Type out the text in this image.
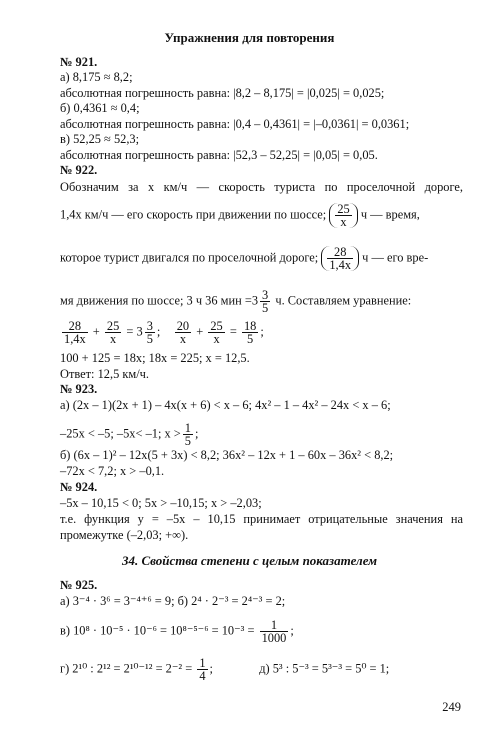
Упражнения для повторения
№ 921.
а) 8,175 ≈ 8,2;
абсолютная погрешность равна: |8,2 – 8,175| = |0,025| = 0,025;
б) 0,4361 ≈ 0,4;
абсолютная погрешность равна: |0,4 – 0,4361| = |–0,0361| = 0,0361;
в) 52,25 ≈ 52,3;
абсолютная погрешность равна: |52,3 – 52,25| = |0,05| = 0,05.
№ 922.
Обозначим за x км/ч — скорость туриста по проселочной дороге,
1,4x км/ч — его скорость при движении по шоссе; $\frac{25}{x}$ ч — время,
которое турист двигался по проселочной дороге; $\frac{28}{1,4x}$ ч — его вре-
мя движения по шоссе; 3 ч 36 мин $=3 \frac{3}{5} ч$. Составляем уравнение:
$\frac{28}{1,4x} + \frac{25}{x} = 3 \frac{3}{5}$ ; $\frac{20}{x} + \frac{25}{x} = \frac{18}{5}$ ;
100 + 125 = 18x; 18x = 225; x = 12,5.
Ответ: 12,5 км/ч.
№ 923.
а) (2x – 1)(2x + 1) – 4x(x + 6) < x – 6; 4x² – 1 – 4x² – 24x < x – 6;
–25x < –5; –5x< –1; $x > \frac{1}{5}$ ;
б) (6x – 1)² – 12x(5 + 3x) < 8,2; 36x² – 12x + 1 – 60x – 36x² < 8,2;
–72x < 7,2; x > –0,1.
№ 924.
–5x – 10,15 < 0; 5x > –10,15; x > –2,03;
т.е. функция y = –5x – 10,15 принимает отрицательные значения на
промежутке (–2,03; +∞).
34. Свойства степени с целым показателем
№ 925.
а) 3⁻⁴ · 3⁶ = 3⁻⁴⁺⁶ = 9; б) 2⁴ · 2⁻³ = 2⁴⁻³ = 2;
в) $10^8 \cdot 10^{-5} \cdot 10^{-6} = 10^{8-5-6} = 10^{-3} = \frac{1}{1000}$ ;
г) 2¹⁰ : $2^{12} = 2^{10-12} = 2^{-2} = \frac{1}{4}$ ;	д) 5³ : 5⁻³ = 5³⁻³ = 5⁰ = 1;
249
